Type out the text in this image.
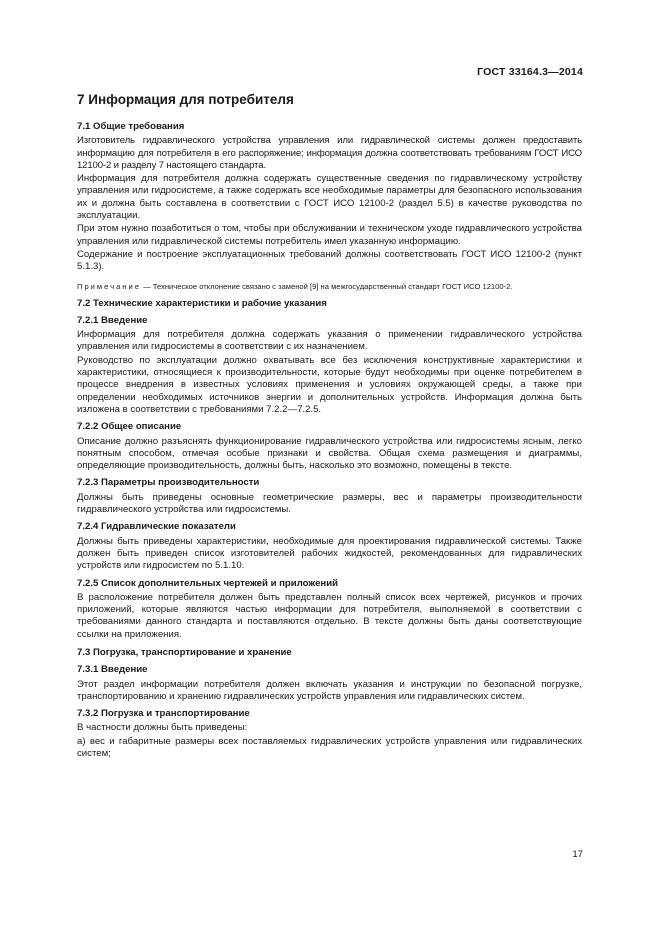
ГОСТ 33164.3—2014
7 Информация для потребителя
7.1 Общие требования

Изготовитель гидравлического устройства управления или гидравлической системы должен предоставить информацию для потребителя в его распоряжение; информация должна соответствовать требованиям ГОСТ ИСО 12100-2 и разделу 7 настоящего стандарта.

Информация для потребителя должна содержать существенные сведения по гидравлическому устройству управления или гидросистеме, а также содержать все необходимые параметры для безопасного использования их и должна быть составлена в соответствии с ГОСТ ИСО 12100-2 (раздел 5.5) в качестве руководства по эксплуатации.

При этом нужно позаботиться о том, чтобы при обслуживании и техническом уходе гидравлического устройства управления или гидравлической системы потребитель имел указанную информацию.

Содержание и построение эксплуатационных требований должны соответствовать ГОСТ ИСО 12100-2 (пункт 5.1.3).

Примечание — Техническое отклонение связано с заменой [9] на межгосударственный стандарт ГОСТ ИСО 12100-2.
7.2 Технические характеристики и рабочие указания
7.2.1 Введение

Информация для потребителя должна содержать указания о применении гидравлического устройства управления или гидросистемы в соответствии с их назначением.

Руководство по эксплуатации должно охватывать все без исключения конструктивные характеристики и характеристики, относящиеся к производительности, которые будут необходимы при оценке потребителем в процессе внедрения в известных условиях применения и условиях окружающей среды, а также при определении необходимых источников энергии и дополнительных устройств. Информация должна быть изложена в соответствии с требованиями 7.2.2—7.2.5.

7.2.2 Общее описание

Описание должно разъяснять функционирование гидравлического устройства или гидросистемы ясным, легко понятным способом, отмечая особые признаки и свойства. Общая схема размещения и диаграммы, определяющие производительность, должны быть, насколько это возможно, помещены в тексте.

7.2.3 Параметры производительности

Должны быть приведены основные геометрические размеры, вес и параметры производительности гидравлического устройства или гидросистемы.

7.2.4 Гидравлические показатели

Должны быть приведены характеристики, необходимые для проектирования гидравлической системы. Также должен быть приведен список изготовителей рабочих жидкостей, рекомендованных для гидравлических устройств или гидросистем по 5.1.10.

7.2.5 Список дополнительных чертежей и приложений

В расположение потребителя должен быть представлен полный список всех чертежей, рисунков и прочих приложений, которые являются частью информации для потребителя, выполняемой в соответствии с требованиями данного стандарта и поставляются отдельно. В тексте должны быть даны соответствующие ссылки на приложения.

7.3 Погрузка, транспортирование и хранение
7.3.1 Введение

Этот раздел информации потребителя должен включать указания и инструкции по безопасной погрузке, транспортированию и хранению гидравлических устройств управления или гидравлических систем.

7.3.2 Погрузка и транспортирование

В частности должны быть приведены:

а) вес и габаритные размеры всех поставляемых гидравлических устройств управления или гидравлических систем;

17
